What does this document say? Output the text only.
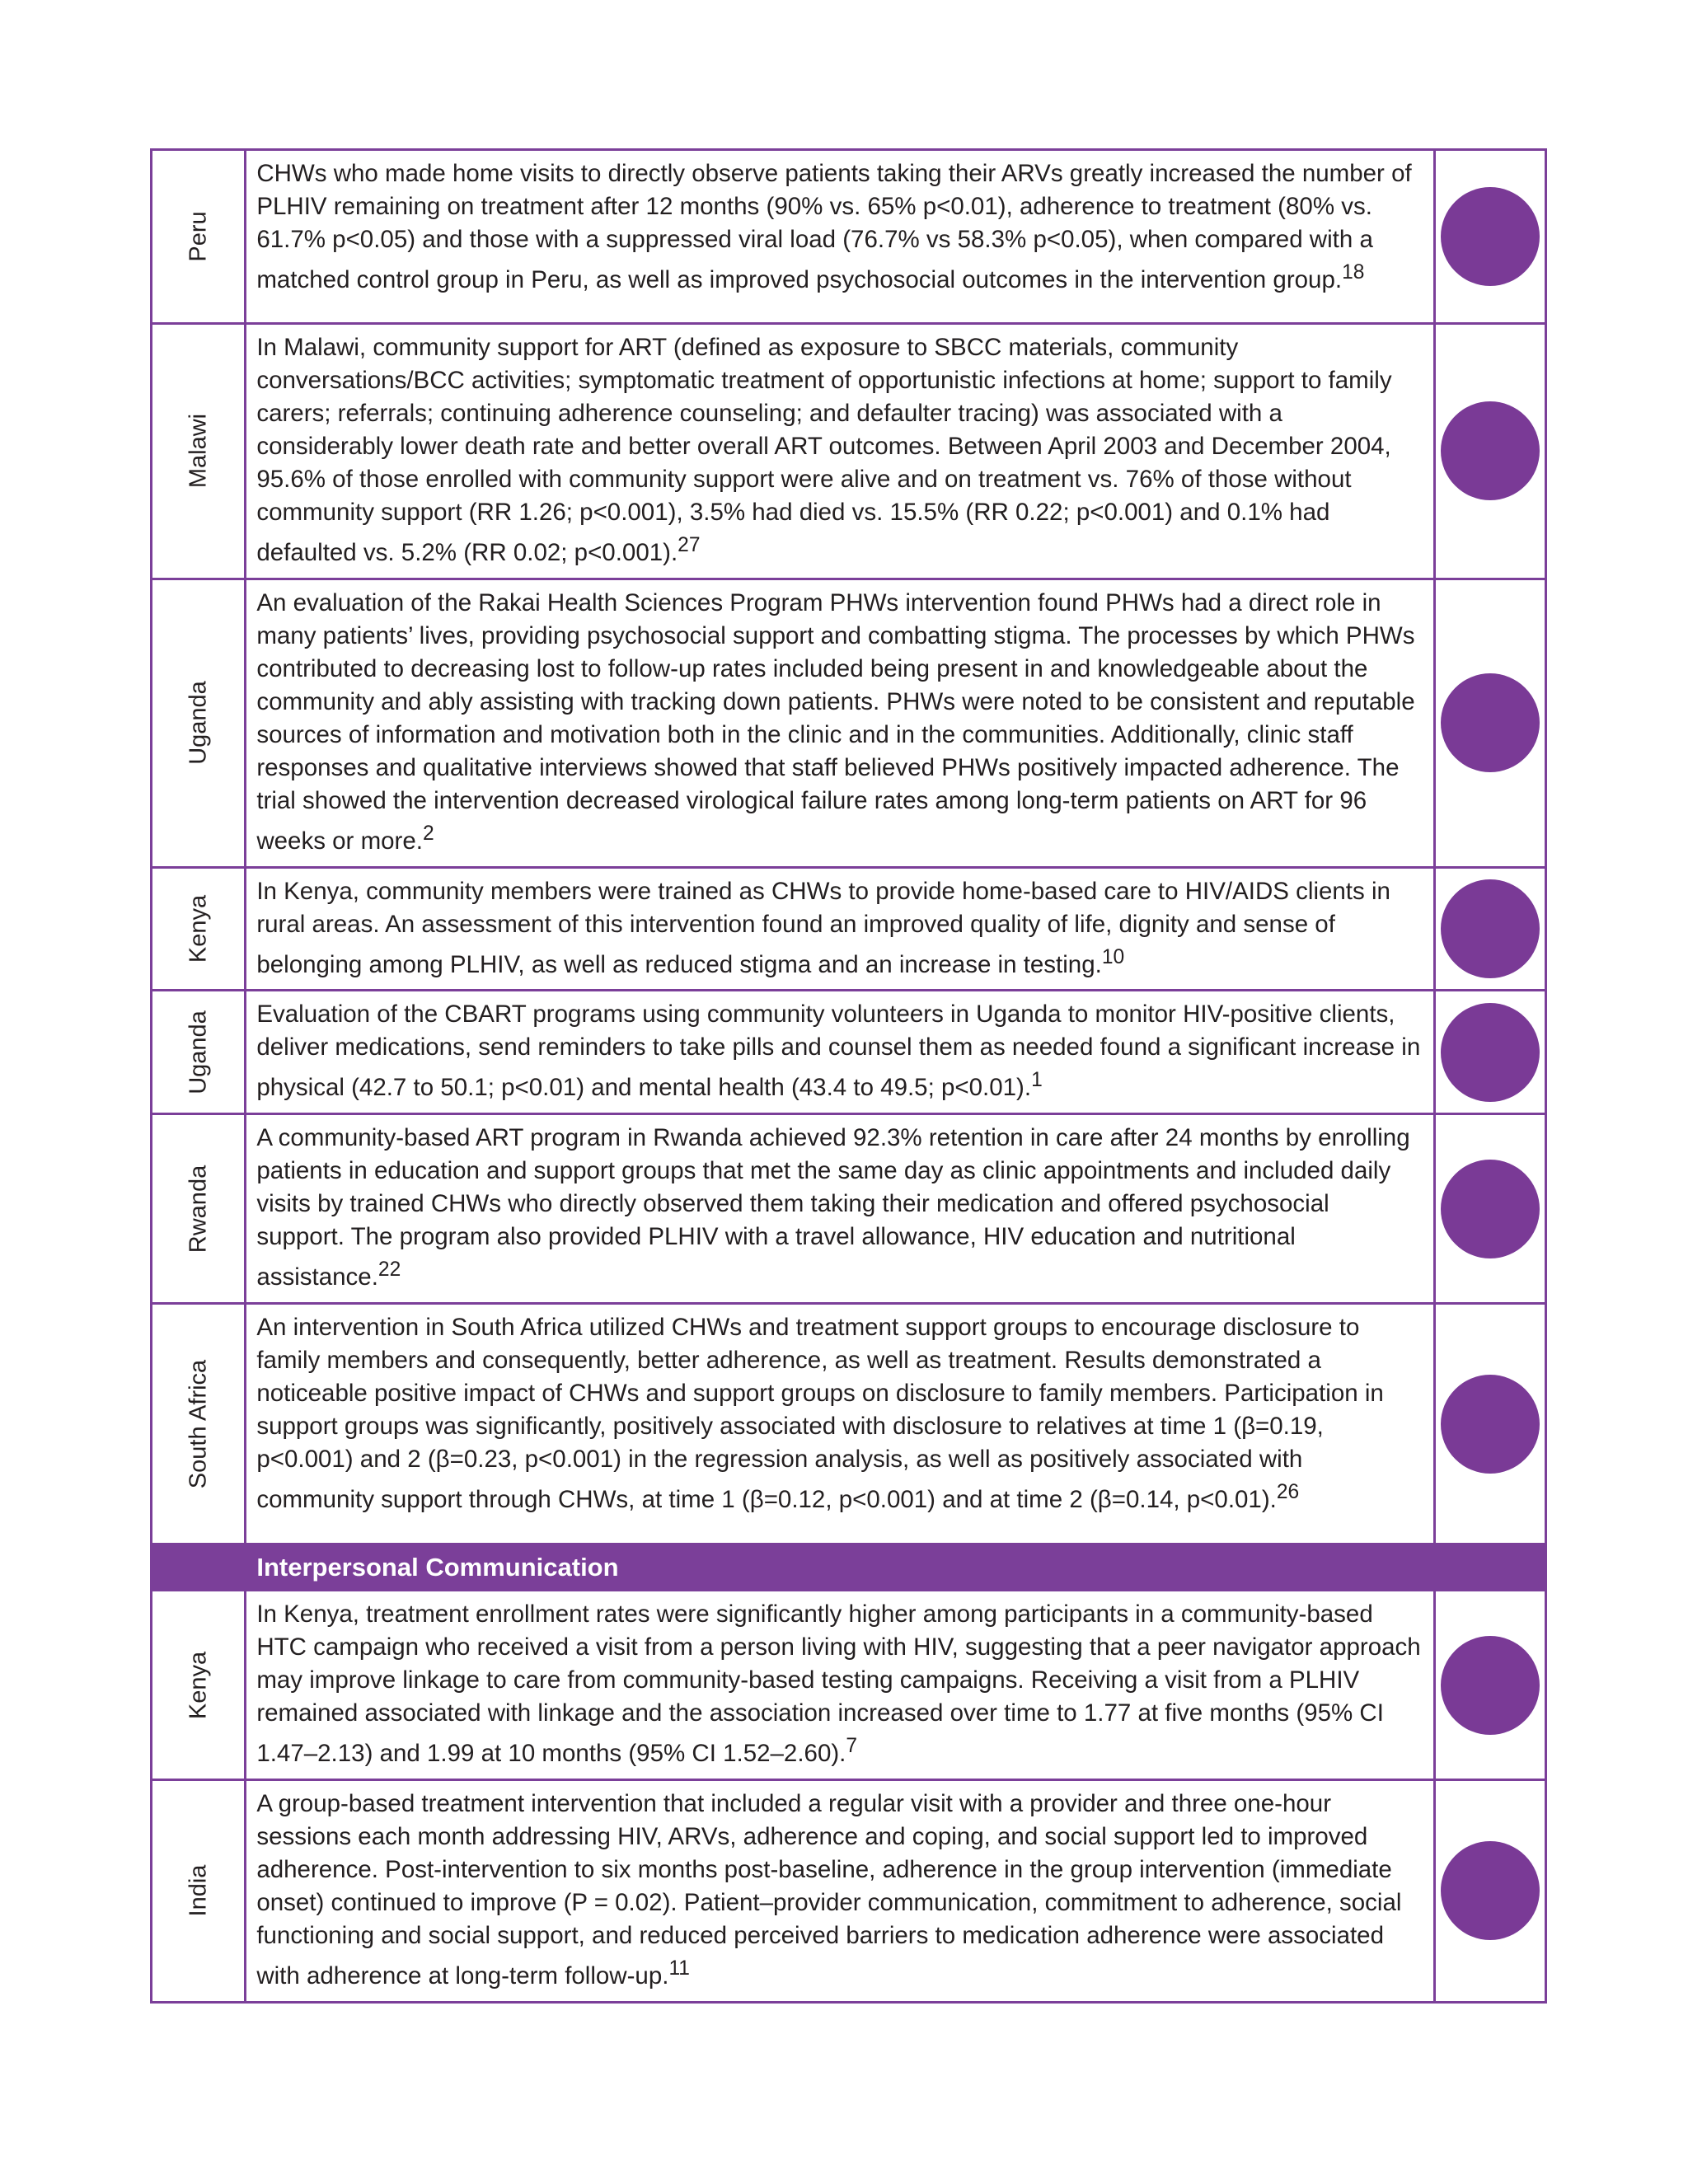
Peru	CHWs who made home visits to directly observe patients taking their ARVs greatly increased the number of PLHIV remaining on treatment after 12 months (90% vs. 65% p<0.01), adherence to treatment (80% vs. 61.7% p<0.05) and those with a suppressed viral load (76.7% vs 58.3% p<0.05), when compared with a matched control group in Peru, as well as improved psychosocial outcomes in the intervention group.$^{18}$	

Malawi	In Malawi, community support for ART (defined as exposure to SBCC materials, community conversations/BCC activities; symptomatic treatment of opportunistic infections at home; support to family carers; referrals; continuing adherence counseling; and defaulter tracing) was associated with a considerably lower death rate and better overall ART outcomes. Between April 2003 and December 2004, 95.6% of those enrolled with community support were alive and on treatment vs. 76% of those without community support (RR 1.26; p<0.001), 3.5% had died vs. 15.5% (RR 0.22; p<0.001) and 0.1% had defaulted vs. 5.2% (RR 0.02; p<0.001).$^{27}$	

Uganda	An evaluation of the Rakai Health Sciences Program PHWs intervention found PHWs had a direct role in many patients’ lives, providing psychosocial support and combatting stigma. The processes by which PHWs contributed to decreasing lost to follow-up rates included being present in and knowledgeable about the community and ably assisting with tracking down patients. PHWs were noted to be consistent and reputable sources of information and motivation both in the clinic and in the communities. Additionally, clinic staff responses and qualitative interviews showed that staff believed PHWs positively impacted adherence. The trial showed the intervention decreased virological failure rates among long-term patients on ART for 96 weeks or more.$^2$	

Kenya	In Kenya, community members were trained as CHWs to provide home-based care to HIV/AIDS clients in rural areas. An assessment of this intervention found an improved quality of life, dignity and sense of belonging among PLHIV, as well as reduced stigma and an increase in testing.$^{10}$	

Uganda	Evaluation of the CBART programs using community volunteers in Uganda to monitor HIV-positive clients, deliver medications, send reminders to take pills and counsel them as needed found a significant increase in physical (42.7 to 50.1; p<0.01) and mental health (43.4 to 49.5; p<0.01).$^1$	

Rwanda	A community-based ART program in Rwanda achieved 92.3% retention in care after 24 months by enrolling patients in education and support groups that met the same day as clinic appointments and included daily visits by trained CHWs who directly observed them taking their medication and offered psychosocial support. The program also provided PLHIV with a travel allowance, HIV education and nutritional assistance.$^{22}$	

South Africa	An intervention in South Africa utilized CHWs and treatment support groups to encourage disclosure to family members and consequently, better adherence, as well as treatment. Results demonstrated a noticeable positive impact of CHWs and support groups on disclosure to family members. Participation in support groups was significantly, positively associated with disclosure to relatives at time 1 (β=0.19, p<0.001) and 2 (β=0.23, p<0.001) in the regression analysis, as well as positively associated with community support through CHWs, at time 1 (β=0.12, p<0.001) and at time 2 (β=0.14, p<0.01).$^{26}$	

	Interpersonal Communication	

Kenya	In Kenya, treatment enrollment rates were significantly higher among participants in a community-based HTC campaign who received a visit from a person living with HIV, suggesting that a peer navigator approach may improve linkage to care from community-based testing campaigns. Receiving a visit from a PLHIV remained associated with linkage and the association increased over time to 1.77 at five months (95% CI 1.47–2.13) and 1.99 at 10 months (95% CI 1.52–2.60).$^7$	

India	A group-based treatment intervention that included a regular visit with a provider and three one-hour sessions each month addressing HIV, ARVs, adherence and coping, and social support led to improved adherence. Post-intervention to six months post-baseline, adherence in the group intervention (immediate onset) continued to improve (P = 0.02). Patient–provider communication, commitment to adherence, social functioning and social support, and reduced perceived barriers to medication adherence were associated with adherence at long-term follow-up.$^{11}$	
